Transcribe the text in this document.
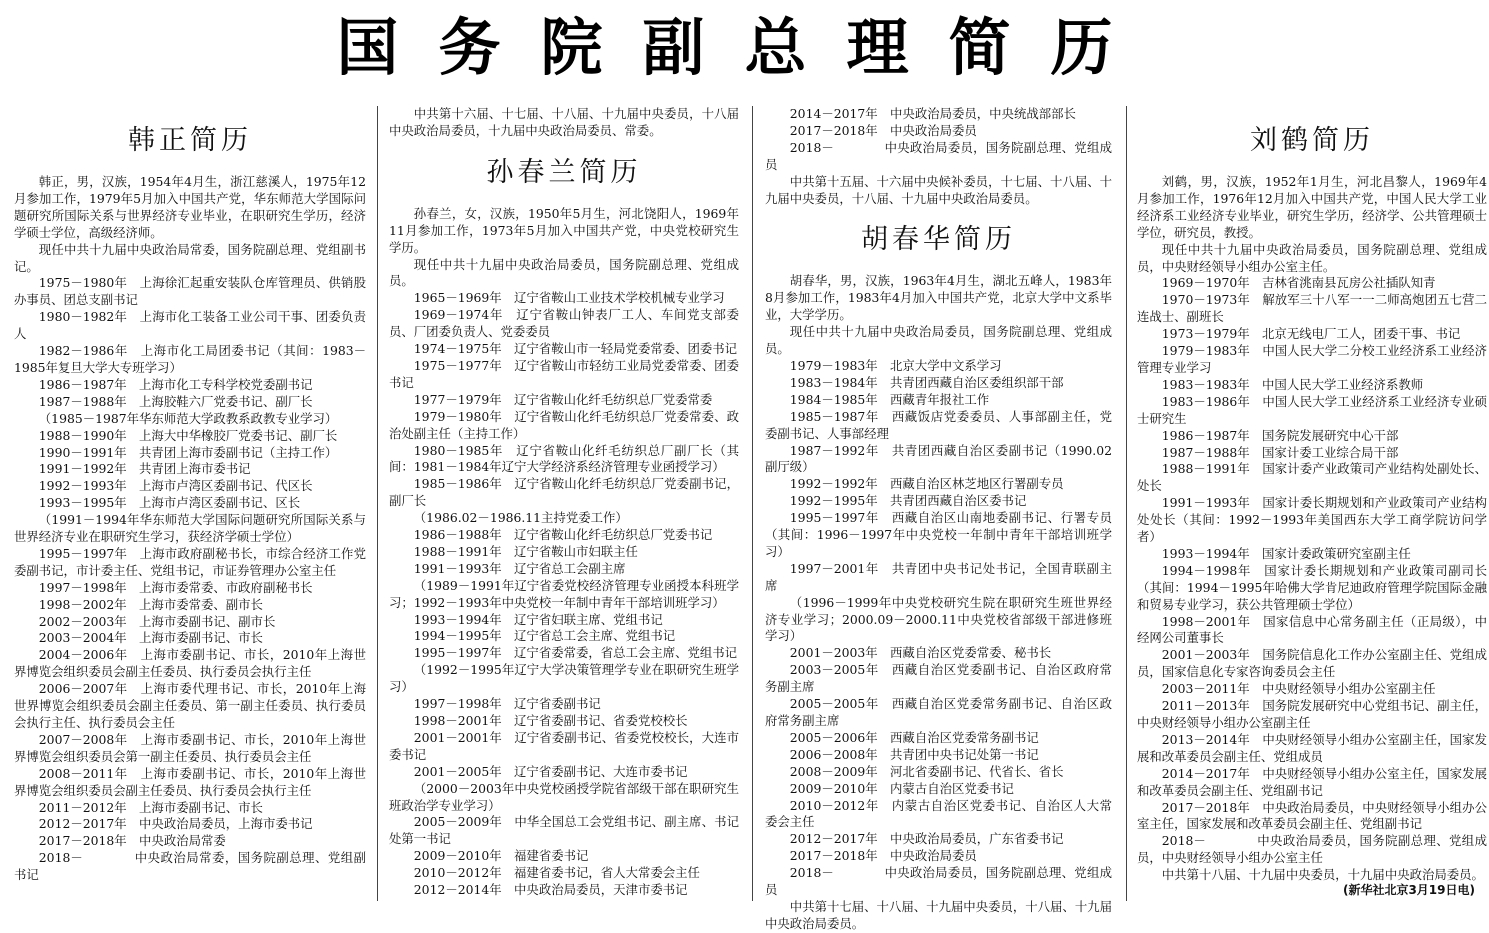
国务院副总理简历
韩正简历

韩正，男，汉族，1954年4月生，浙江慈溪人，1975年12月参加工作，1979年5月加入中国共产党，华东师范大学国际问题研究所国际关系与世界经济专业毕业，在职研究生学历，经济学硕士学位，高级经济师。

现任中共十九届中央政治局常委，国务院副总理、党组副书记。

1975－1980年　上海徐汇起重安装队仓库管理员、供销股办事员、团总支副书记

1980－1982年　上海市化工装备工业公司干事、团委负责人

1982－1986年　上海市化工局团委书记（其间：1983－1985年复旦大学大专班学习）

1986－1987年　上海市化工专科学校党委副书记

1987－1988年　上海胶鞋六厂党委书记、副厂长

（1985－1987年华东师范大学政教系政教专业学习）

1988－1990年　上海大中华橡胶厂党委书记、副厂长

1990－1991年　共青团上海市委副书记（主持工作）

1991－1992年　共青团上海市委书记

1992－1993年　上海市卢湾区委副书记、代区长

1993－1995年　上海市卢湾区委副书记、区长

（1991－1994年华东师范大学国际问题研究所国际关系与世界经济专业在职研究生学习，获经济学硕士学位）

1995－1997年　上海市政府副秘书长，市综合经济工作党委副书记，市计委主任、党组书记，市证券管理办公室主任

1997－1998年　上海市委常委、市政府副秘书长

1998－2002年　上海市委常委、副市长

2002－2003年　上海市委副书记、副市长

2003－2004年　上海市委副书记、市长

2004－2006年　上海市委副书记、市长，2010年上海世界博览会组织委员会副主任委员、执行委员会执行主任

2006－2007年　上海市委代理书记、市长，2010年上海世界博览会组织委员会副主任委员、第一副主任委员、执行委员会执行主任、执行委员会主任

2007－2008年　上海市委副书记、市长，2010年上海世界博览会组织委员会第一副主任委员、执行委员会主任

2008－2011年　上海市委副书记、市长，2010年上海世界博览会组织委员会副主任委员、执行委员会执行主任

2011－2012年　上海市委副书记、市长

2012－2017年　中央政治局委员，上海市委书记

2017－2018年　中央政治局常委

2018－　　　　中央政治局常委，国务院副总理、党组副书记

中共第十六届、十七届、十八届、十九届中央委员，十八届中央政治局委员，十九届中央政治局委员、常委。

孙春兰简历

孙春兰，女，汉族，1950年5月生，河北饶阳人，1969年11月参加工作，1973年5月加入中国共产党，中央党校研究生学历。

现任中共十九届中央政治局委员，国务院副总理、党组成员。

1965－1969年　辽宁省鞍山工业技术学校机械专业学习

1969－1974年　辽宁省鞍山钟表厂工人、车间党支部委员、厂团委负责人、党委委员

1974－1975年　辽宁省鞍山市一轻局党委常委、团委书记

1975－1977年　辽宁省鞍山市轻纺工业局党委常委、团委书记

1977－1979年　辽宁省鞍山化纤毛纺织总厂党委常委

1979－1980年　辽宁省鞍山化纤毛纺织总厂党委常委、政治处副主任（主持工作）

1980－1985年　辽宁省鞍山化纤毛纺织总厂副厂长（其间：1981－1984年辽宁大学经济系经济管理专业函授学习）

1985－1986年　辽宁省鞍山化纤毛纺织总厂党委副书记，副厂长

（1986.02－1986.11主持党委工作）

1986－1988年　辽宁省鞍山化纤毛纺织总厂党委书记

1988－1991年　辽宁省鞍山市妇联主任

1991－1993年　辽宁省总工会副主席

（1989－1991年辽宁省委党校经济管理专业函授本科班学习；1992－1993年中央党校一年制中青年干部培训班学习）

1993－1994年　辽宁省妇联主席、党组书记

1994－1995年　辽宁省总工会主席、党组书记

1995－1997年　辽宁省委常委，省总工会主席、党组书记

（1992－1995年辽宁大学决策管理学专业在职研究生班学习）

1997－1998年　辽宁省委副书记

1998－2001年　辽宁省委副书记、省委党校校长

2001－2001年　辽宁省委副书记、省委党校校长，大连市委书记

2001－2005年　辽宁省委副书记、大连市委书记

（2000－2003年中央党校函授学院省部级干部在职研究生班政治学专业学习）

2005－2009年　中华全国总工会党组书记、副主席、书记处第一书记

2009－2010年　福建省委书记

2010－2012年　福建省委书记，省人大常委会主任

2012－2014年　中央政治局委员，天津市委书记

2014－2017年　中央政治局委员，中央统战部部长

2017－2018年　中央政治局委员

2018－　　　　中央政治局委员，国务院副总理、党组成员

中共第十五届、十六届中央候补委员，十七届、十八届、十九届中央委员，十八届、十九届中央政治局委员。

胡春华简历

胡春华，男，汉族，1963年4月生，湖北五峰人，1983年8月参加工作，1983年4月加入中国共产党，北京大学中文系毕业，大学学历。

现任中共十九届中央政治局委员，国务院副总理、党组成员。

1979－1983年　北京大学中文系学习

1983－1984年　共青团西藏自治区委组织部干部

1984－1985年　西藏青年报社工作

1985－1987年　西藏饭店党委委员、人事部副主任，党委副书记、人事部经理

1987－1992年　共青团西藏自治区委副书记（1990.02副厅级）

1992－1992年　西藏自治区林芝地区行署副专员

1992－1995年　共青团西藏自治区委书记

1995－1997年　西藏自治区山南地委副书记、行署专员（其间：1996－1997年中央党校一年制中青年干部培训班学习）

1997－2001年　共青团中央书记处书记，全国青联副主席

（1996－1999年中央党校研究生院在职研究生班世界经济专业学习；2000.09－2000.11中央党校省部级干部进修班学习）

2001－2003年　西藏自治区党委常委、秘书长

2003－2005年　西藏自治区党委副书记、自治区政府常务副主席

2005－2005年　西藏自治区党委常务副书记、自治区政府常务副主席

2005－2006年　西藏自治区党委常务副书记

2006－2008年　共青团中央书记处第一书记

2008－2009年　河北省委副书记、代省长、省长

2009－2010年　内蒙古自治区党委书记

2010－2012年　内蒙古自治区党委书记、自治区人大常委会主任

2012－2017年　中央政治局委员，广东省委书记

2017－2018年　中央政治局委员

2018－　　　　中央政治局委员，国务院副总理、党组成员

中共第十七届、十八届、十九届中央委员，十八届、十九届中央政治局委员。

刘鹤简历

刘鹤，男，汉族，1952年1月生，河北昌黎人，1969年4月参加工作，1976年12月加入中国共产党，中国人民大学工业经济系工业经济专业毕业，研究生学历，经济学、公共管理硕士学位，研究员，教授。

现任中共十九届中央政治局委员，国务院副总理、党组成员，中央财经领导小组办公室主任。

1969－1970年　吉林省洮南县瓦房公社插队知青

1970－1973年　解放军三十八军一一二师高炮团五七营二连战士、副班长

1973－1979年　北京无线电厂工人，团委干事、书记

1979－1983年　中国人民大学二分校工业经济系工业经济管理专业学习

1983－1983年　中国人民大学工业经济系教师

1983－1986年　中国人民大学工业经济系工业经济专业硕士研究生

1986－1987年　国务院发展研究中心干部

1987－1988年　国家计委工业综合局干部

1988－1991年　国家计委产业政策司产业结构处副处长、处长

1991－1993年　国家计委长期规划和产业政策司产业结构处处长（其间：1992－1993年美国西东大学工商学院访问学者）

1993－1994年　国家计委政策研究室副主任

1994－1998年　国家计委长期规划和产业政策司副司长（其间：1994－1995年哈佛大学肯尼迪政府管理学院国际金融和贸易专业学习，获公共管理硕士学位）

1998－2001年　国家信息中心常务副主任（正局级），中经网公司董事长

2001－2003年　国务院信息化工作办公室副主任、党组成员，国家信息化专家咨询委员会主任

2003－2011年　中央财经领导小组办公室副主任

2011－2013年　国务院发展研究中心党组书记、副主任，中央财经领导小组办公室副主任

2013－2014年　中央财经领导小组办公室副主任，国家发展和改革委员会副主任、党组成员

2014－2017年　中央财经领导小组办公室主任，国家发展和改革委员会副主任、党组副书记

2017－2018年　中央政治局委员，中央财经领导小组办公室主任，国家发展和改革委员会副主任、党组副书记

2018－　　　　中央政治局委员，国务院副总理、党组成员，中央财经领导小组办公室主任

中共第十八届、十九届中央委员，十九届中央政治局委员。

(新华社北京3月19日电)
